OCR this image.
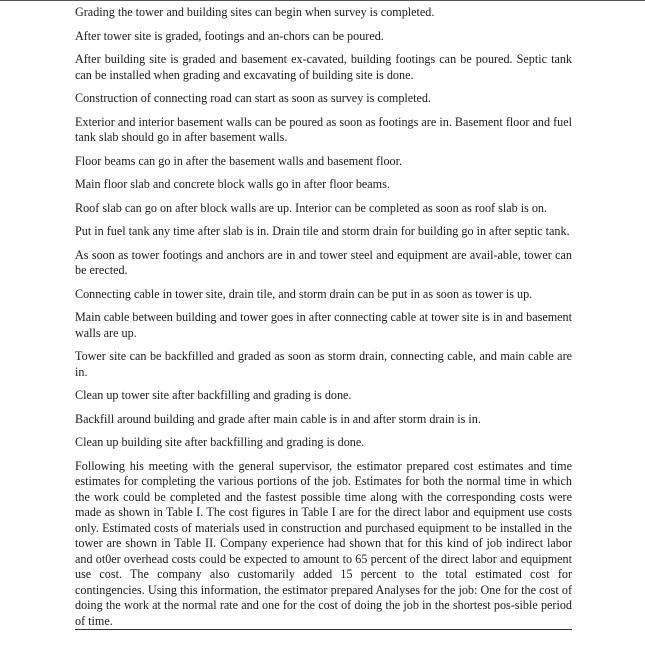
Grading the tower and building sites can begin when survey is completed.

After tower site is graded, footings and an-chors can be poured.

After building site is graded and basement ex-cavated, building footings can be poured. Septic tank can be installed when grading and excavating of building site is done.

Construction of connecting road can start as soon as survey is completed.

Exterior and interior basement walls can be poured as soon as footings are in. Basement floor and fuel tank slab should go in after basement walls.

Floor beams can go in after the basement walls and basement floor.

Main floor slab and concrete block walls go in after floor beams.

Roof slab can go on after block walls are up. Interior can be completed as soon as roof slab is on.

Put in fuel tank any time after slab is in. Drain tile and storm drain for building go in after septic tank.

As soon as tower footings and anchors are in and tower steel and equipment are avail-able, tower can be erected.

Connecting cable in tower site, drain tile, and storm drain can be put in as soon as tower is up.

Main cable between building and tower goes in after connecting cable at tower site is in and basement walls are up.

Tower site can be backfilled and graded as soon as storm drain, connecting cable, and main cable are in.

Clean up tower site after backfilling and grading is done.

Backfill around building and grade after main cable is in and after storm drain is in.

Clean up building site after backfilling and grading is done.

Following his meeting with the general supervisor, the estimator prepared cost estimates and time estimates for completing the various portions of the job. Estimates for both the normal time in which the work could be completed and the fastest possible time along with the corresponding costs were made as shown in Table I. The cost figures in Table I are for the direct labor and equipment use costs only. Estimated costs of materials used in construction and purchased equipment to be installed in the tower are shown in Table II. Company experience had shown that for this kind of job indirect labor and ot0er overhead costs could be expected to amount to 65 percent of the direct labor and equipment use cost. The company also customarily added 15 percent to the total estimated cost for contingencies. Using this information, the estimator prepared Analyses for the job: One for the cost of doing the work at the normal rate and one for the cost of doing the job in the shortest pos-sible period of time.
